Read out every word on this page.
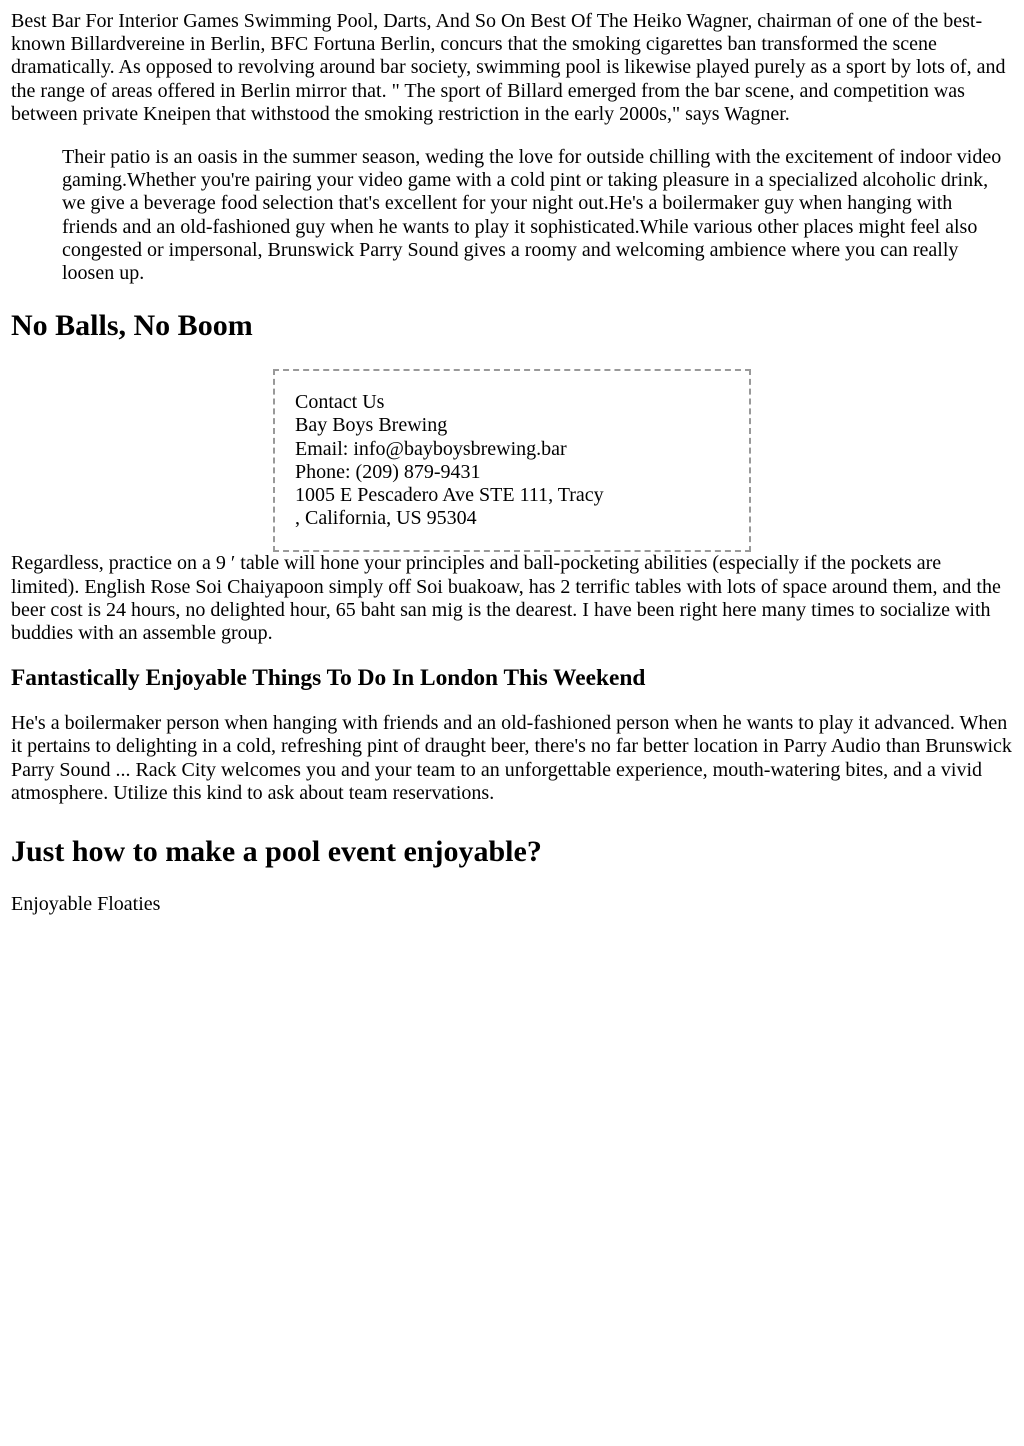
Best Bar For Interior Games Swimming Pool, Darts, And So On Best Of The Heiko Wagner, chairman of one of the best-known Billardvereine in Berlin, BFC Fortuna Berlin, concurs that the smoking cigarettes ban transformed the scene dramatically. As opposed to revolving around bar society, swimming pool is likewise played purely as a sport by lots of, and the range of areas offered in Berlin mirror that. " The sport of Billard emerged from the bar scene, and competition was between private Kneipen that withstood the smoking restriction in the early 2000s," says Wagner.

Their patio is an oasis in the summer season, weding the love for outside chilling with the excitement of indoor video gaming.Whether you're pairing your video game with a cold pint or taking pleasure in a specialized alcoholic drink, we give a beverage food selection that's excellent for your night out.He's a boilermaker guy when hanging with friends and an old-fashioned guy when he wants to play it sophisticated.While various other places might feel also congested or impersonal, Brunswick Parry Sound gives a roomy and welcoming ambience where you can really loosen up.
No Balls, No Boom
Contact Us
Bay Boys Brewing
Email: info@bayboysbrewing.bar
Phone: (209) 879-9431
1005 E Pescadero Ave STE 111, Tracy
, California, US 95304

Regardless, practice on a 9 ′ table will hone your principles and ball-pocketing abilities (especially if the pockets are limited). English Rose Soi Chaiyapoon simply off Soi buakoaw, has 2 terrific tables with lots of space around them, and the beer cost is 24 hours, no delighted hour, 65 baht san mig is the dearest. I have been right here many times to socialize with buddies with an assemble group.

Fantastically Enjoyable Things To Do In London This Weekend

He's a boilermaker person when hanging with friends and an old-fashioned person when he wants to play it advanced. When it pertains to delighting in a cold, refreshing pint of draught beer, there's no far better location in Parry Audio than Brunswick Parry Sound ... Rack City welcomes you and your team to an unforgettable experience, mouth-watering bites, and a vivid atmosphere. Utilize this kind to ask about team reservations.

Just how to make a pool event enjoyable?

Enjoyable Floaties
